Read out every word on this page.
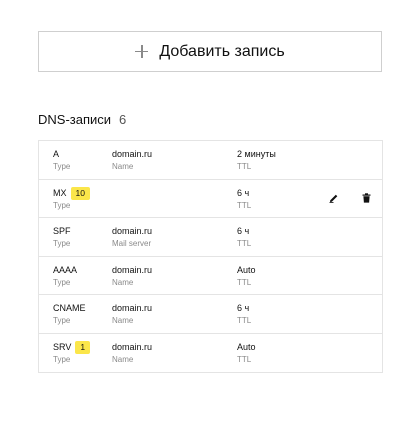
Добавить запись
DNS-записи 6
A
Type
domain.ru
Name
2 минуты
TTL
MX	10
Type
6 ч
TTL
SPF
Type
domain.ru
Mail server
6 ч
TTL
AAAA
Type
domain.ru
Name
Auto
TTL
CNAME
Type
domain.ru
Name
6 ч
TTL
SRV	1
Type
domain.ru
Name
Auto
TTL
